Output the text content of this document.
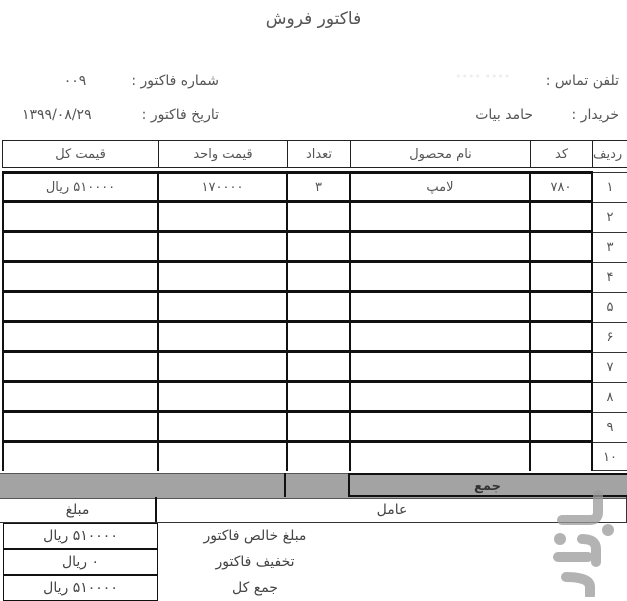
فاکتور فروش
تلفن تماس :
•••• ••••
خریدار :
حامد بیات
شماره فاکتور :
۰۰۹
تاریخ فاکتور :
۱۳۹۹/۰۸/۲۹
قیمت کل	قیمت واحد	تعداد	نام محصول	کد	ردیف
۵۱۰۰۰۰ ریال	۱۷۰۰۰۰	۳	لامپ	۷۸۰	۱
۲
۳
۴
۵
۶
۷
۸
۹
۱۰
جمع
مبلغ	عامل
۵۱۰۰۰۰ ریال	مبلغ خالص فاکتور
۰ ریال	تخفیف فاکتور
۵۱۰۰۰۰ ریال	جمع کل
